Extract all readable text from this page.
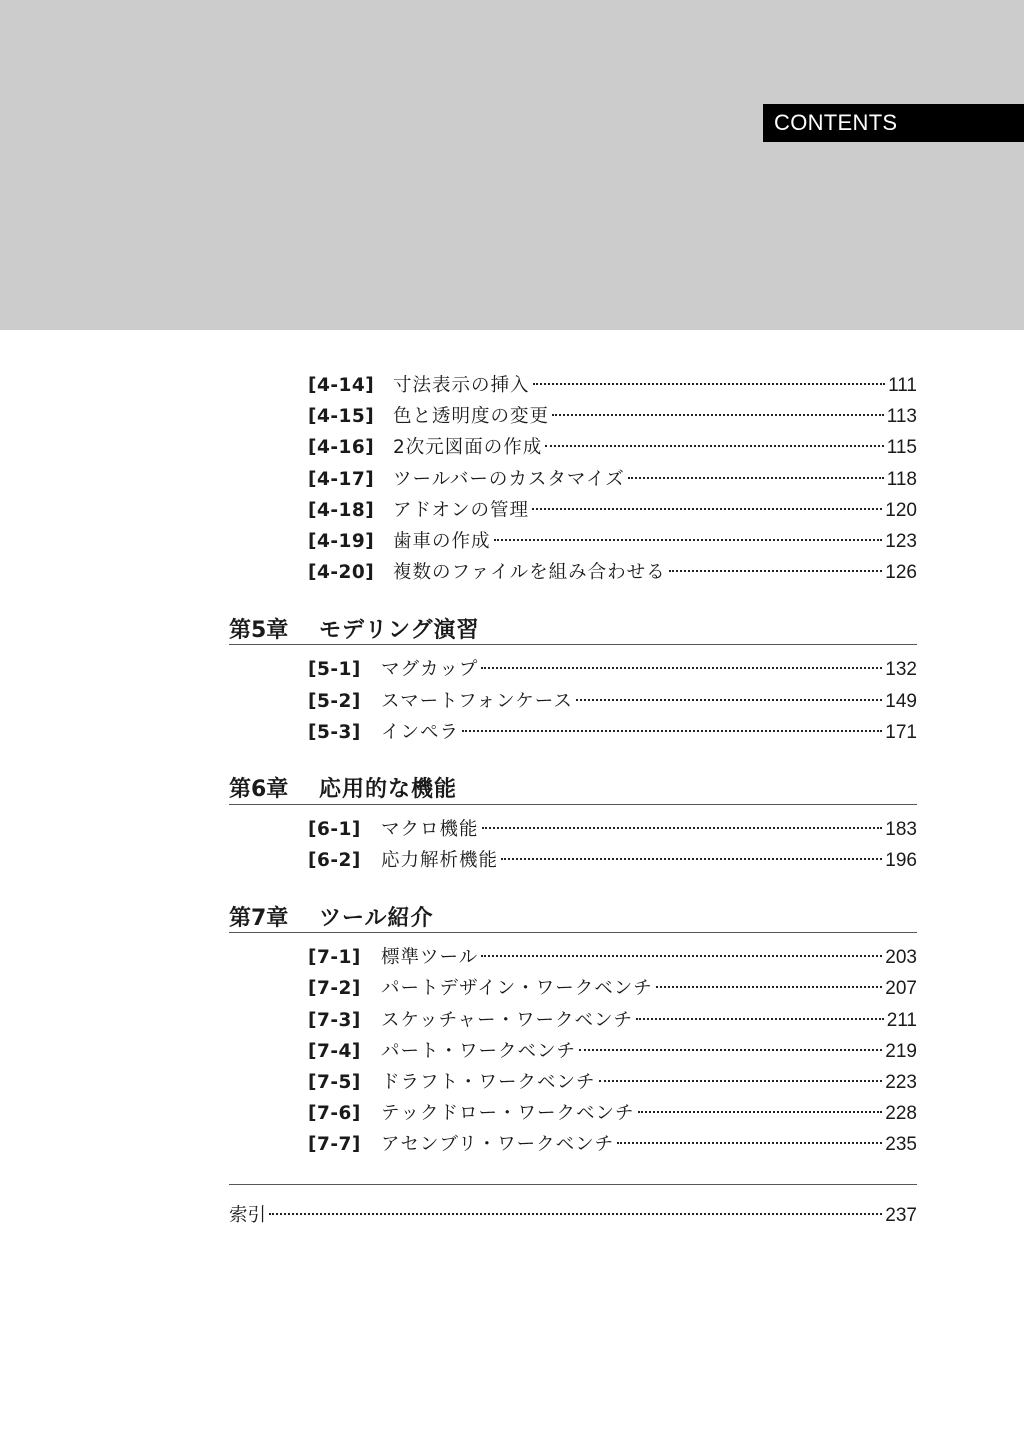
CONTENTS
[4-14]	寸法表示の挿入	111
[4-15]	色と透明度の変更	113
[4-16]	2次元図面の作成	115
[4-17]	ツールバーのカスタマイズ	118
[4-18]	アドオンの管理	120
[4-19]	歯車の作成	123
[4-20]	複数のファイルを組み合わせる	126
第5章	モデリング演習
[5-1]	マグカップ	132
[5-2]	スマートフォンケース	149
[5-3]	インペラ	171
第6章	応用的な機能
[6-1]	マクロ機能	183
[6-2]	応力解析機能	196
第7章	ツール紹介
[7-1]	標準ツール	203
[7-2]	パートデザイン・ワークベンチ	207
[7-3]	スケッチャー・ワークベンチ	211
[7-4]	パート・ワークベンチ	219
[7-5]	ドラフト・ワークベンチ	223
[7-6]	テックドロー・ワークベンチ	228
[7-7]	アセンブリ・ワークベンチ	235
索引	237
